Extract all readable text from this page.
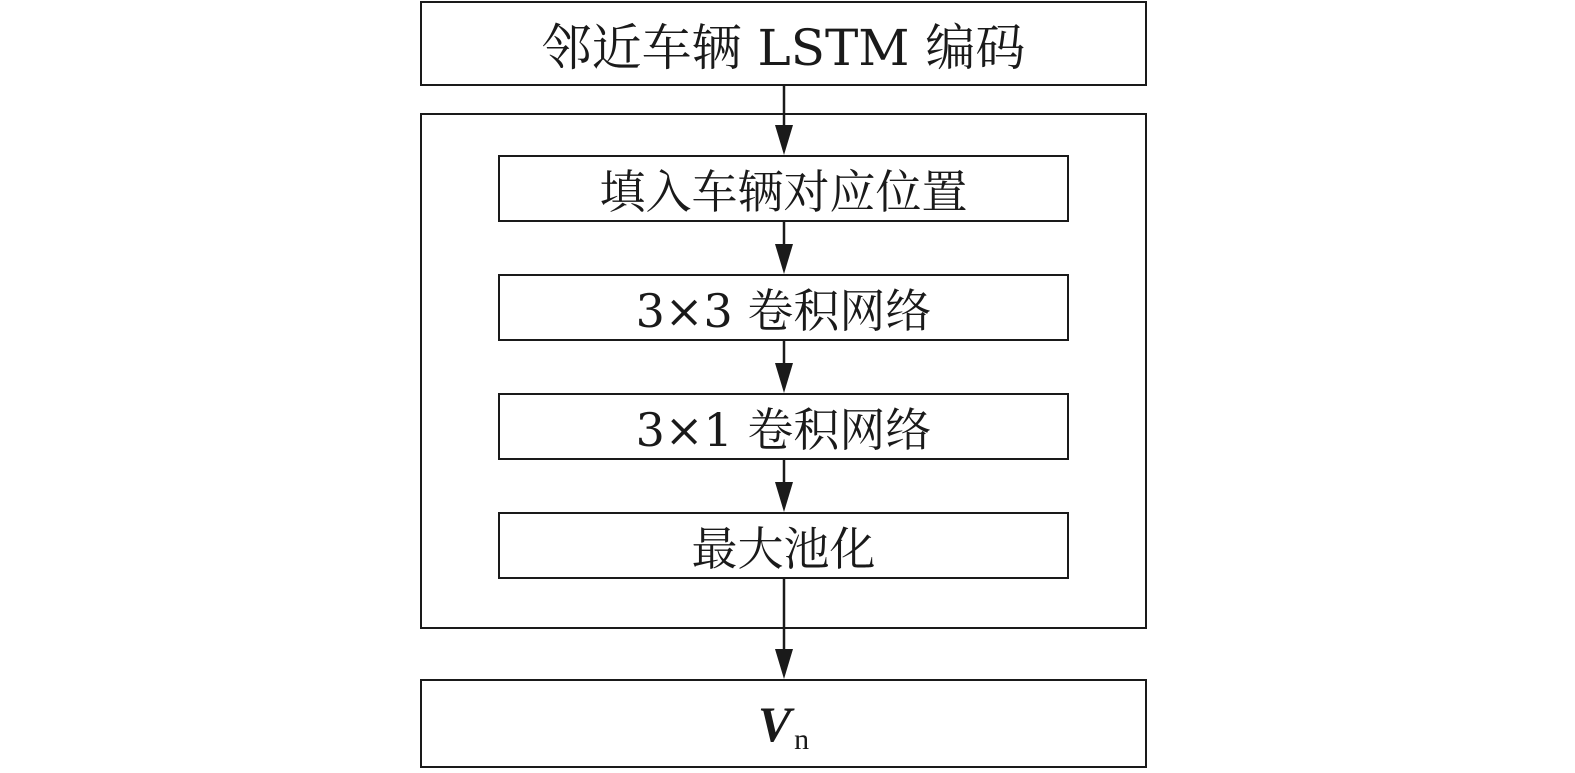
邻近车辆 LSTM 编码
填入车辆对应位置
3×3 卷积网络
3×1 卷积网络
最大池化
V n
